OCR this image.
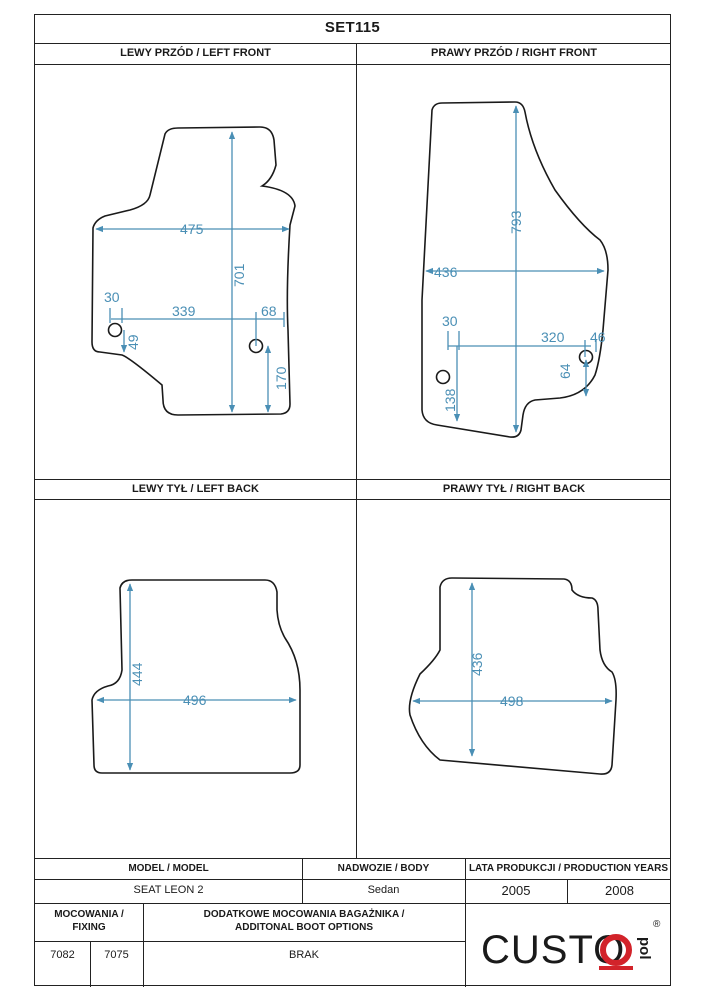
SET115
LEWY PRZÓD / LEFT FRONT	PRAWY PRZÓD / RIGHT FRONT
LEWY TYŁ / LEFT BACK	PRAWY TYŁ / RIGHT BACK
MODEL / MODEL	NADWOZIE / BODY	LATA PRODUKCJI / PRODUCTION YEARS
SEAT LEON 2	Sedan	2005	2008
MOCOWANIA /
FIXING
DODATKOWE MOCOWANIA BAGAŻNIKA /
ADDITONAL BOOT OPTIONS
7082	7075	BRAK	CUSTO pol
®
475
701
30
339	68
49
170
793
436
30
320 46
138
64
444
496
436
498
